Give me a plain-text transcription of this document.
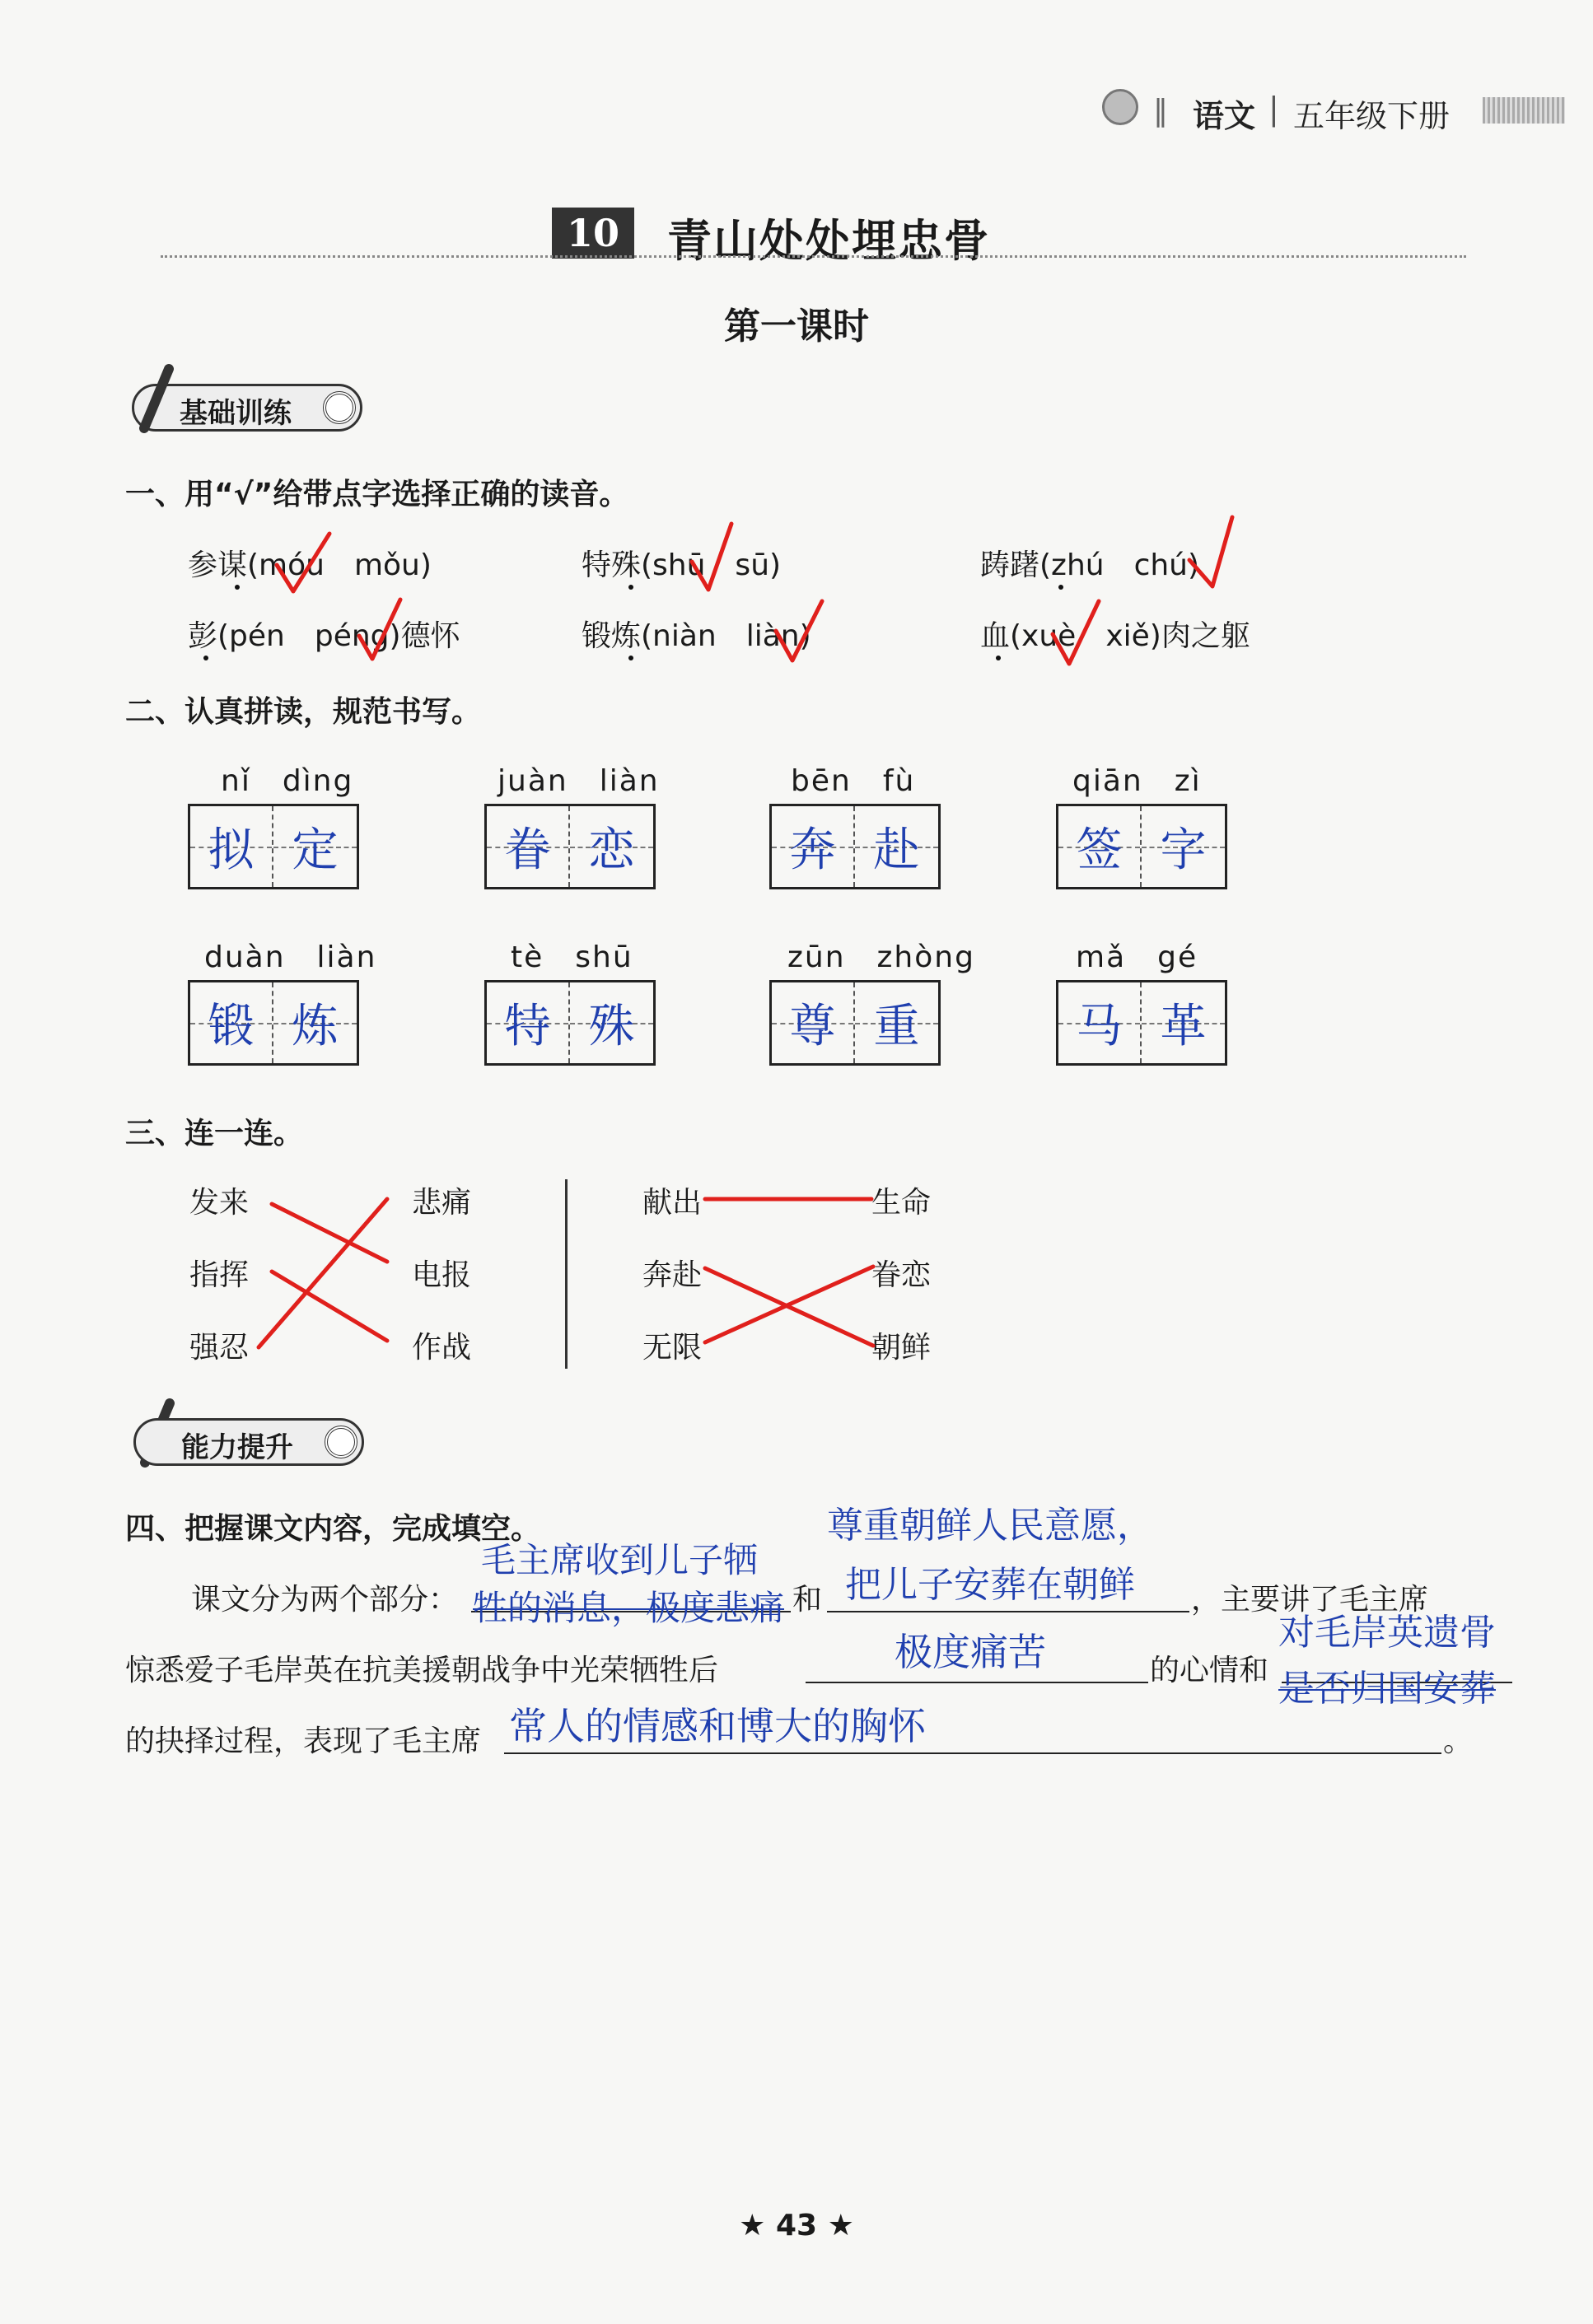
‖ 语文 | 五年级下册
10	青山处处埋忠骨
第一课时
基础训练
一、用“√”给带点字选择正确的读音。
参谋(móu　mǒu)	特殊(shū　sū)	踌躇(zhú　chú)
彭(pén　péng)德怀	锻炼(niàn　liàn)	血(xuè　xiě)肉之躯
二、认真拼读，规范书写。
nǐ　dìng	juàn　liàn	bēn　fù	qiān　zì
拟 定	眷 恋	奔 赴	签 字
duàn　liàn	tè　shū	zūn　zhòng	mǎ　gé
锻 炼	特 殊	尊 重	马 革
三、连一连。
发来
指挥
强忍
悲痛
电报
作战
献出
奔赴
无限
生命
眷恋
朝鲜
能力提升
四、把握课文内容，完成填空。
课文分为两个部分：	和	，主要讲了毛主席
惊悉爱子毛岸英在抗美援朝战争中光荣牺牲后	的心情和
的抉择过程，表现了毛主席	。
毛主席收到儿子牺
牲的消息，极度悲痛
尊重朝鲜人民意愿，
把儿子安葬在朝鲜
极度痛苦	对毛岸英遗骨
是否归国安葬
常人的情感和博大的胸怀
★ 43 ★
